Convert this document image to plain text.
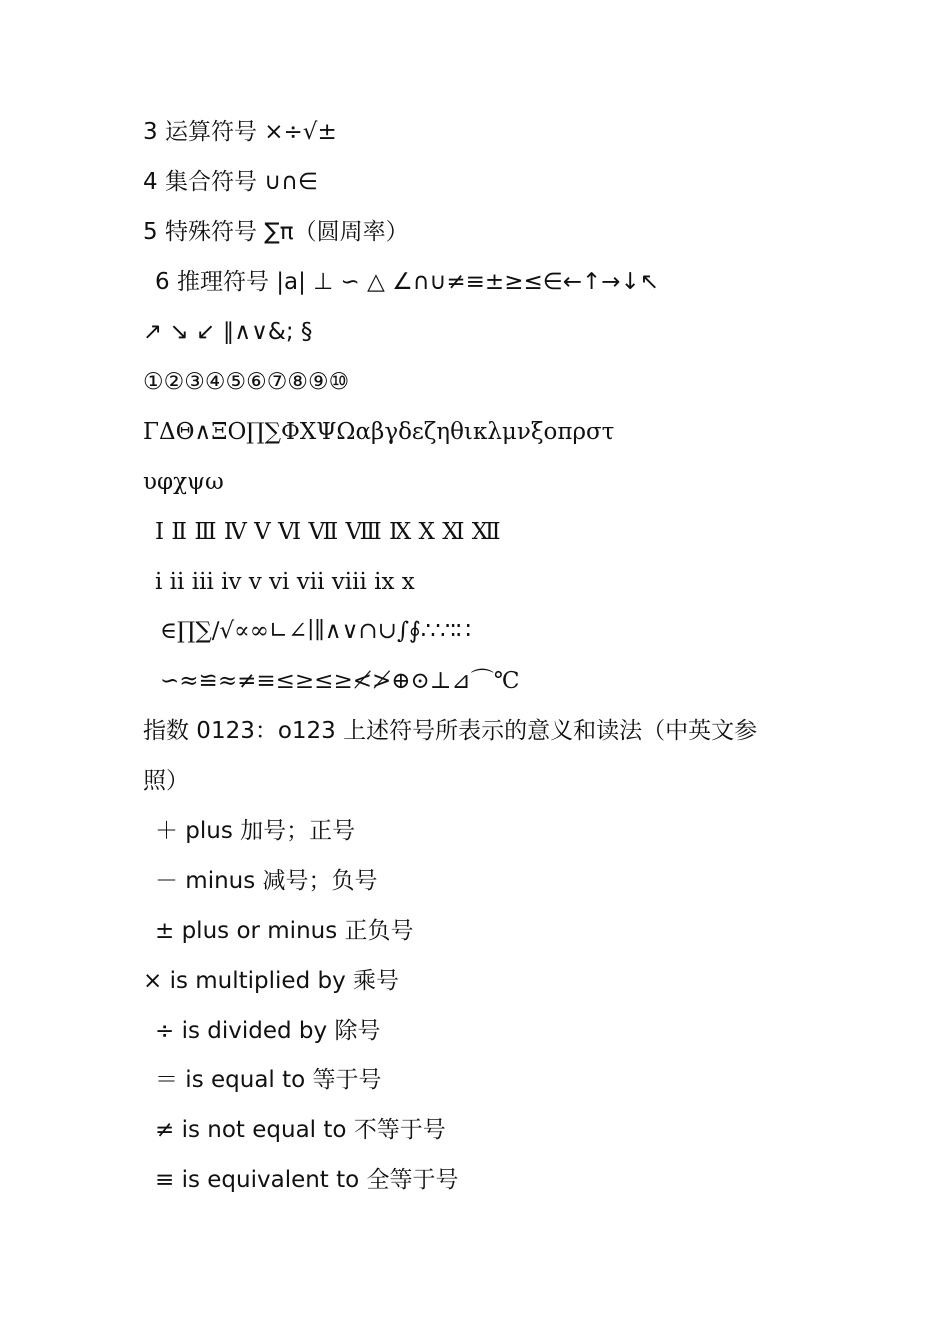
3 运算符号 ×÷√±
4 集合符号 ∪∩∈
5 特殊符号 ∑π（圆周率）
6 推理符号 |a| ⊥ ∽ △ ∠∩∪≠≡±≥≤∈←↑→↓↖
↗ ↘ ↙ ∥∧∨&; §
①②③④⑤⑥⑦⑧⑨⑩
ΓΔΘ∧ΞΟ∏∑ΦΧΨΩαβγδεζηθικλμνξοπρστ
υφχψω
Ⅰ Ⅱ Ⅲ Ⅳ Ⅴ Ⅵ Ⅶ Ⅷ Ⅸ Ⅹ Ⅺ Ⅻ
ⅰ ⅱ ⅲ ⅳ ⅴ ⅵ ⅶ ⅷ ⅸ ⅹ
∈∏∑∕√∝∞∟∠∣∥∧∨∩∪∫∮∴∵∶∷
∽≈≌≈≠≡≤≥≤≥≮≯⊕⊙⊥⊿⌒℃
指数 0123：o123 上述符号所表示的意义和读法（中英文参
照）
＋ plus 加号；正号
－ minus 减号；负号
± plus or minus 正负号
× is multiplied by 乘号
÷ is divided by 除号
＝ is equal to 等于号
≠ is not equal to 不等于号
≡ is equivalent to 全等于号
